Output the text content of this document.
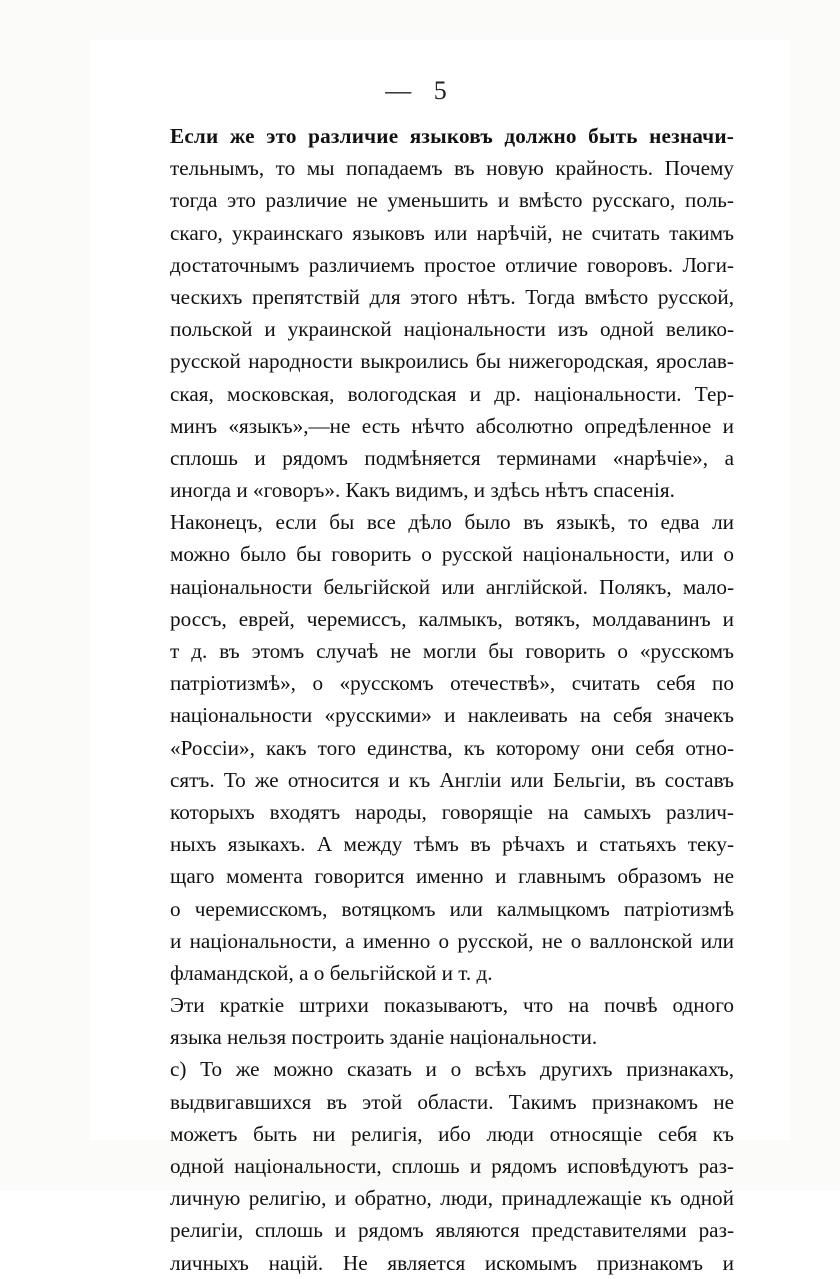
— 5
Если же это различие языковъ должно быть незначи-
тельнымъ, то мы попадаемъ въ новую крайность. Почему
тогда это различие не уменьшить и вмѣсто русскаго, поль-
скаго, украинскаго языковъ или нарѣчій, не считать такимъ
достаточнымъ различиемъ простое отличие говоровъ. Логи-
ческихъ препятствій для этого нѣтъ. Тогда вмѣсто русской,
польской и украинской національности изъ одной велико-
русской народности выкроились бы нижегородская, ярослав-
ская, московская, вологодская и др. національности. Тер-
минъ «языкъ»,—не есть нѣчто абсолютно опредѣленное и
сплошь и рядомъ подмѣняется терминами «нарѣчіе», а
иногда и «говоръ». Какъ видимъ, и здѣсь нѣтъ спасенія.
Наконецъ, если бы все дѣло было въ языкѣ, то едва ли
можно было бы говорить о русской національности, или о
національности бельгійской или англійской. Полякъ, мало-
россъ, еврей, черемиссъ, калмыкъ, вотякъ, молдаванинъ и
т д. въ этомъ случаѣ не могли бы говорить о «русскомъ
патріотизмѣ», о «русскомъ отечествѣ», считать себя по
національности «русскими» и наклеивать на себя значекъ
«Россіи», какъ того единства, къ которому они себя отно-
сятъ. То же относится и къ Англіи или Бельгіи, въ составъ
которыхъ входятъ народы, говорящіе на самыхъ различ-
ныхъ языкахъ. А между тѣмъ въ рѣчахъ и статьяхъ теку-
щаго момента говорится именно и главнымъ образомъ не
о черемисскомъ, вотяцкомъ или калмыцкомъ патріотизмѣ
и національности, а именно о русской, не о валлонской или
фламандской, а о бельгійской и т. д.
Эти краткіе штрихи показываютъ, что на почвѣ одного
языка нельзя построить зданіе національности.
c) То же можно сказать и о всѣхъ другихъ признакахъ,
выдвигавшихся въ этой области. Такимъ признакомъ не
можетъ быть ни религія, ибо люди относящіе себя къ
одной національности, сплошь и рядомъ исповѣдуютъ раз-
личную религію, и обратно, люди, принадлежащіе къ одной
религіи, сплошь и рядомъ являются представителями раз-
личныхъ націй. Не является искомымъ признакомъ и
